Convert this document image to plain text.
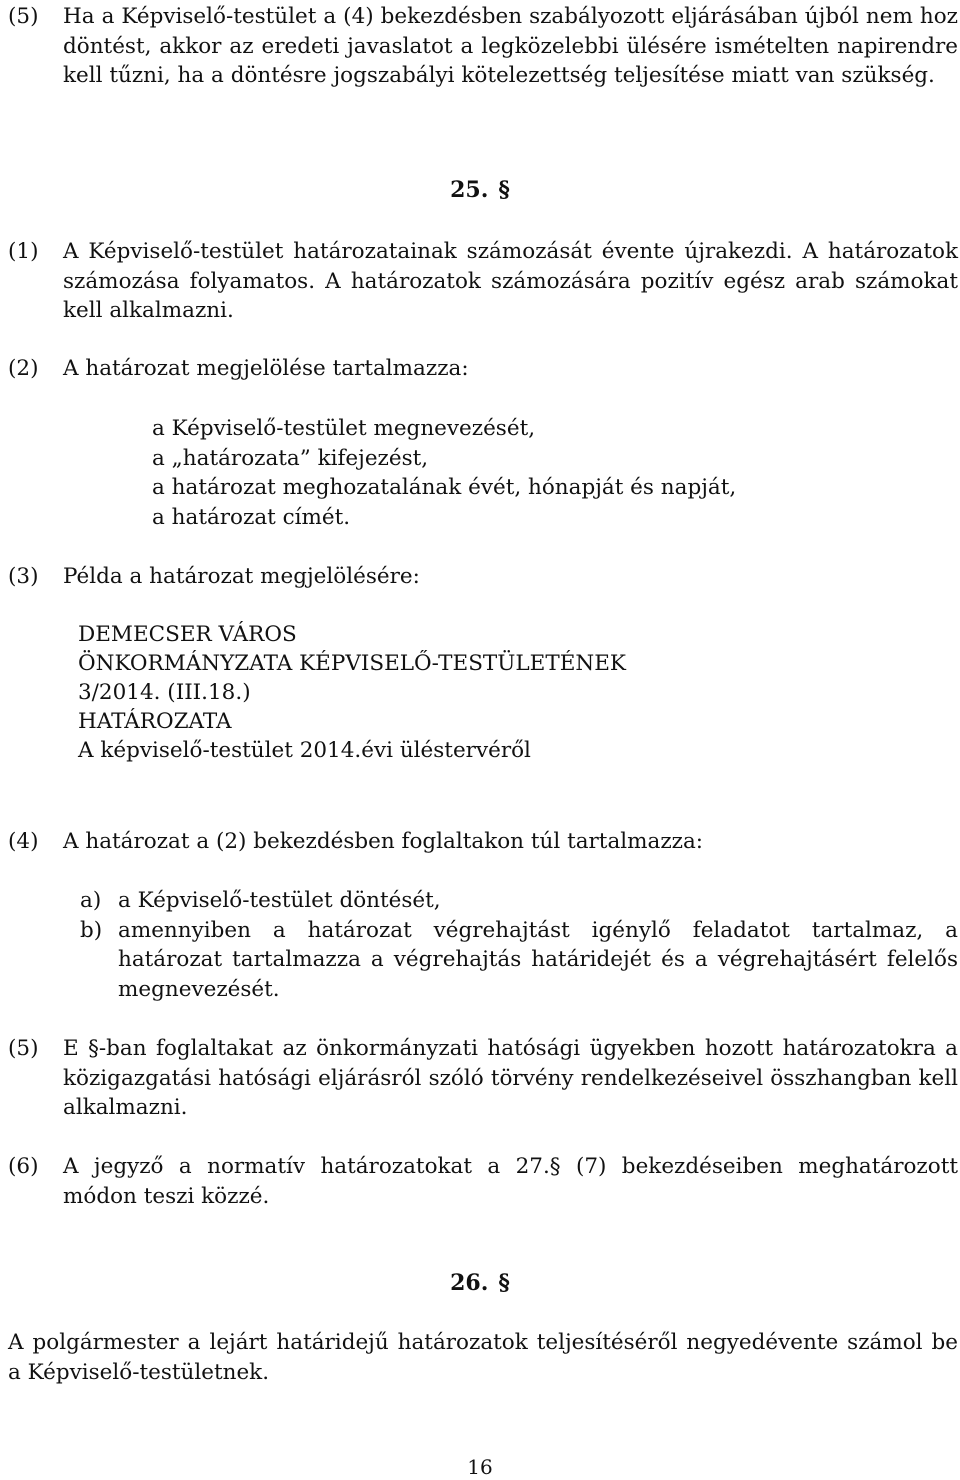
(5) Ha a Képviselő-testület a (4) bekezdésben szabályozott eljárásában újból nem hoz döntést, akkor az eredeti javaslatot a legközelebbi ülésére ismételten napirendre kell tűzni, ha a döntésre jogszabályi kötelezettség teljesítése miatt van szükség.
25. §
(1) A Képviselő-testület határozatainak számozását évente újrakezdi. A határozatok számozása folyamatos. A határozatok számozására pozitív egész arab számokat kell alkalmazni.
(2) A határozat megjelölése tartalmazza:
a Képviselő-testület megnevezését,
a „határozata” kifejezést,
a határozat meghozatalának évét, hónapját és napját,
a határozat címét.
(3) Példa a határozat megjelölésére:
DEMECSER VÁROS
ÖNKORMÁNYZATA KÉPVISELŐ-TESTÜLETÉNEK
3/2014. (III.18.)
HATÁROZATA
A képviselő-testület 2014.évi üléstervéről
(4) A határozat a (2) bekezdésben foglaltakon túl tartalmazza:
a) a Képviselő-testület döntését,
b) amennyiben a határozat végrehajtást igénylő feladatot tartalmaz, a határozat tartalmazza a végrehajtás határidejét és a végrehajtásért felelős megnevezését.
(5) E §-ban foglaltakat az önkormányzati hatósági ügyekben hozott határozatokra a közigazgatási hatósági eljárásról szóló törvény rendelkezéseivel összhangban kell alkalmazni.
(6) A jegyző a normatív határozatokat a 27.§ (7) bekezdéseiben meghatározott módon teszi közzé.
26. §
A polgármester a lejárt határidejű határozatok teljesítéséről negyedévente számol be a Képviselő-testületnek.
16
